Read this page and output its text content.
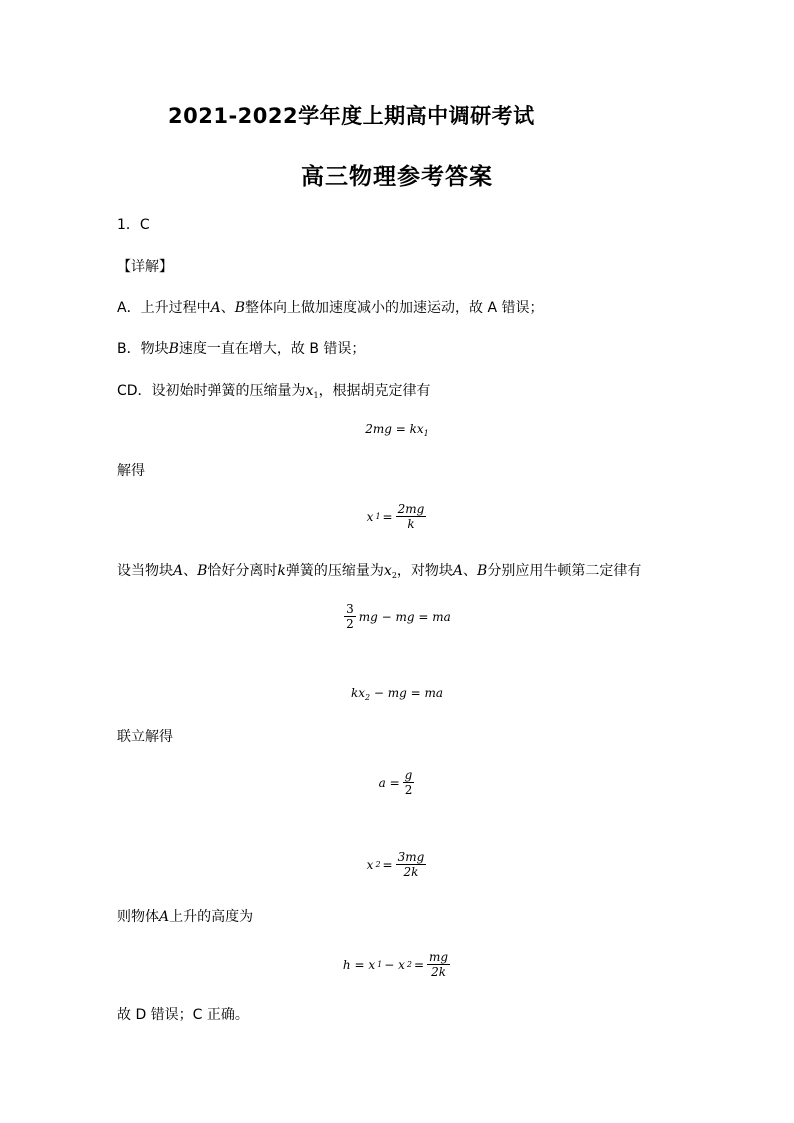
2021-2022学年度上期高中调研考试
高三物理参考答案
1．C
【详解】
A．上升过程中A、B整体向上做加速度减小的加速运动，故 A 错误；
B．物块B速度一直在增大，故 B 错误；
CD．设初始时弹簧的压缩量为$x_1$，根据胡克定律有
$2mg = kx_1$
解得
x $1 = \frac{2mg}{k}$
设当物块A、B恰好分离时k弹簧的压缩量为$x_2$，对物块A、B分别应用牛顿第二定律有
$\frac{3}{2}$ mg − mg = ma
$kx_2$ − mg = ma
联立解得
$a = \frac{g}{2}$
x $2 = \frac{3mg}{2k}$
则物体A上升的高度为
h = x 1 − x $2 = \frac{mg}{2k}$
故 D 错误；C 正确。
